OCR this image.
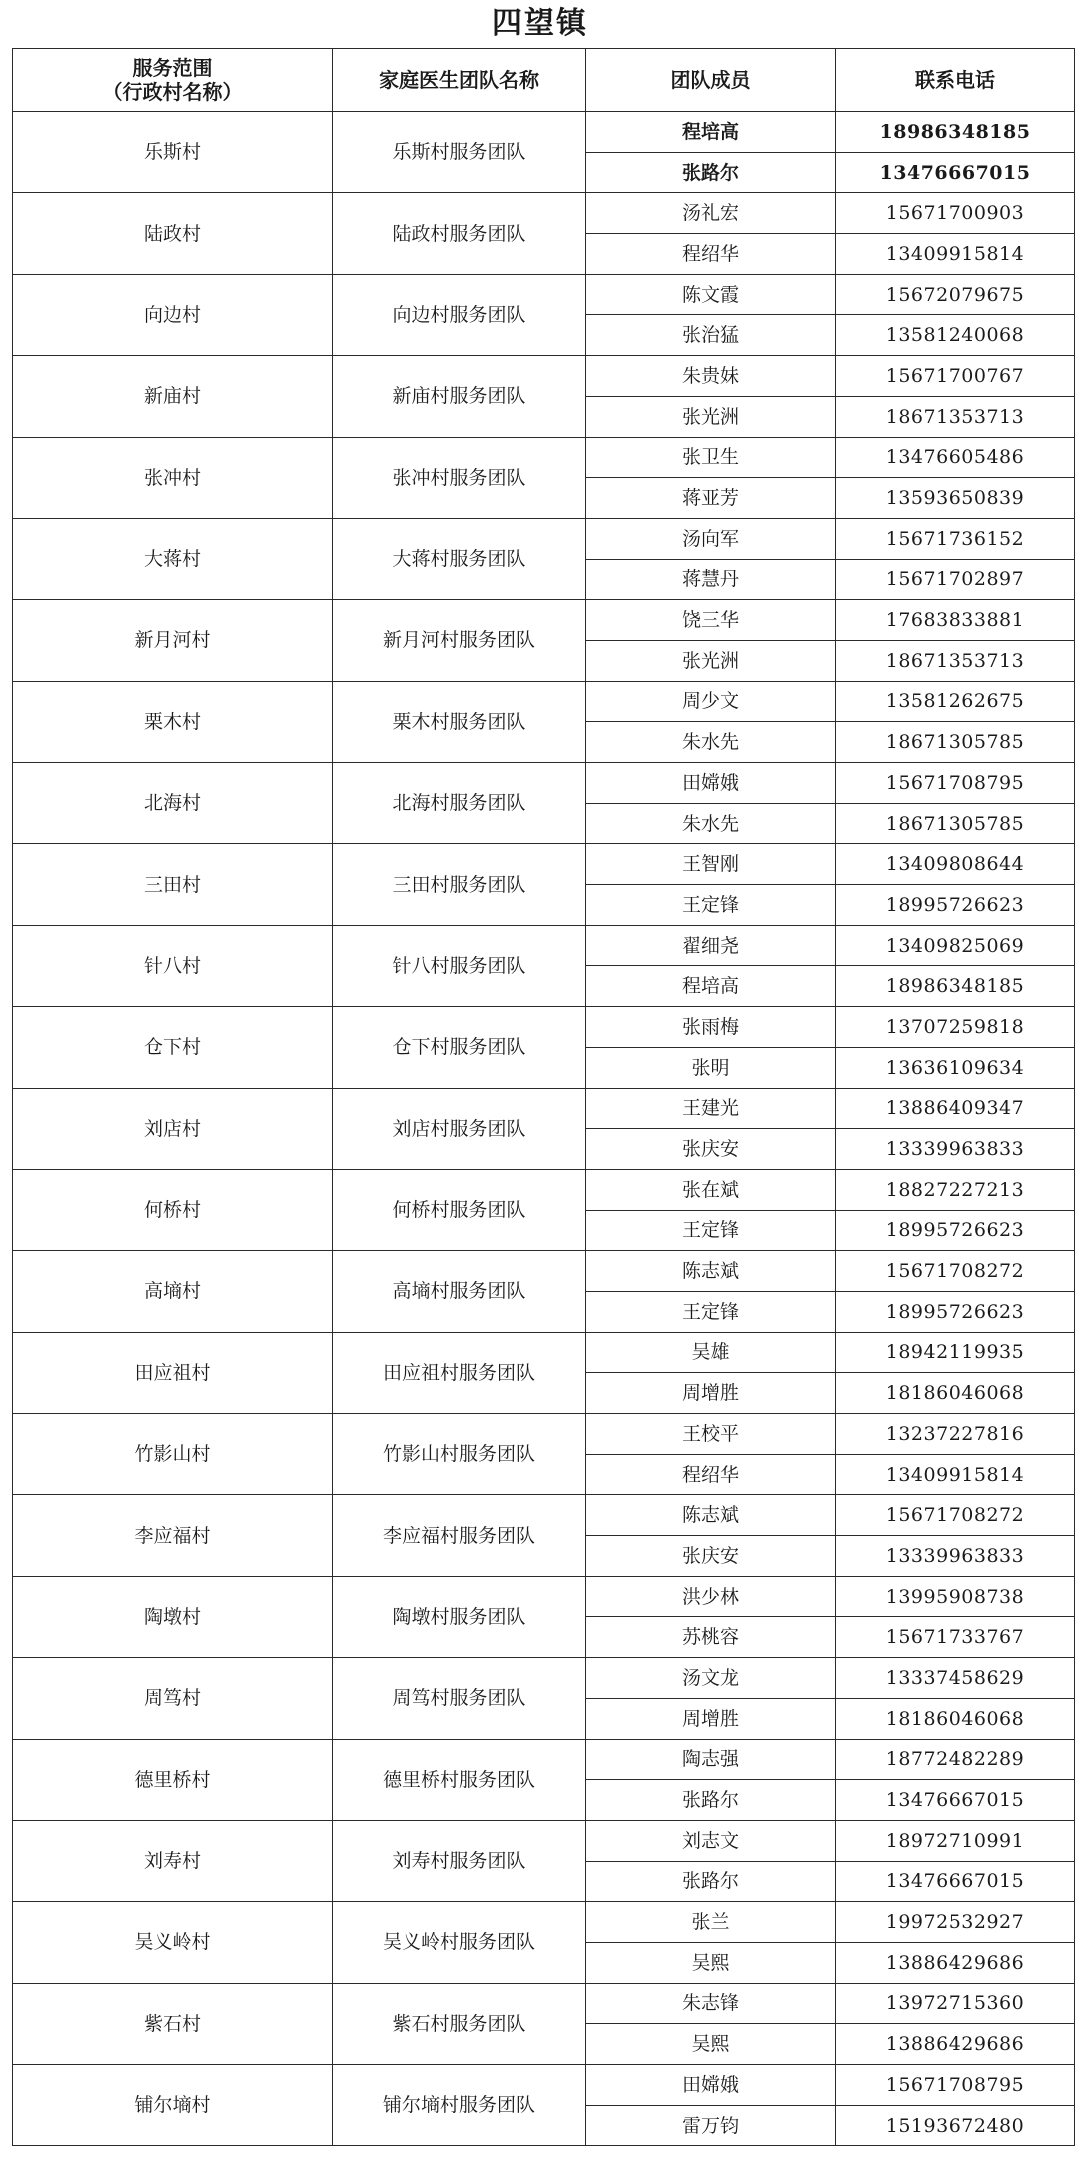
四望镇
服务范围
（行政村名称）	家庭医生团队名称	团队成员	联系电话
乐斯村	乐斯村服务团队	程培高	18986348185
		张路尔	13476667015
陆政村	陆政村服务团队	汤礼宏	15671700903
		程绍华	13409915814
向边村	向边村服务团队	陈文霞	15672079675
		张治猛	13581240068
新庙村	新庙村服务团队	朱贵妹	15671700767
		张光洲	18671353713
张冲村	张冲村服务团队	张卫生	13476605486
		蒋亚芳	13593650839
大蒋村	大蒋村服务团队	汤向军	15671736152
		蒋慧丹	15671702897
新月河村	新月河村服务团队	饶三华	17683833881
		张光洲	18671353713
栗木村	栗木村服务团队	周少文	13581262675
		朱水先	18671305785
北海村	北海村服务团队	田嫦娥	15671708795
		朱水先	18671305785
三田村	三田村服务团队	王智刚	13409808644
		王定锋	18995726623
针八村	针八村服务团队	翟细尧	13409825069
		程培高	18986348185
仓下村	仓下村服务团队	张雨梅	13707259818
		张明	13636109634
刘店村	刘店村服务团队	王建光	13886409347
		张庆安	13339963833
何桥村	何桥村服务团队	张在斌	18827227213
		王定锋	18995726623
高墒村	高墒村服务团队	陈志斌	15671708272
		王定锋	18995726623
田应祖村	田应祖村服务团队	吴雄	18942119935
		周增胜	18186046068
竹影山村	竹影山村服务团队	王校平	13237227816
		程绍华	13409915814
李应福村	李应福村服务团队	陈志斌	15671708272
		张庆安	13339963833
陶墩村	陶墩村服务团队	洪少林	13995908738
		苏桃容	15671733767
周笃村	周笃村服务团队	汤文龙	13337458629
		周增胜	18186046068
德里桥村	德里桥村服务团队	陶志强	18772482289
		张路尔	13476667015
刘寿村	刘寿村服务团队	刘志文	18972710991
		张路尔	13476667015
吴义岭村	吴义岭村服务团队	张兰	19972532927
		吴熙	13886429686
紫石村	紫石村服务团队	朱志锋	13972715360
		吴熙	13886429686
铺尔墒村	铺尔墒村服务团队	田嫦娥	15671708795
		雷万钧	15193672480
